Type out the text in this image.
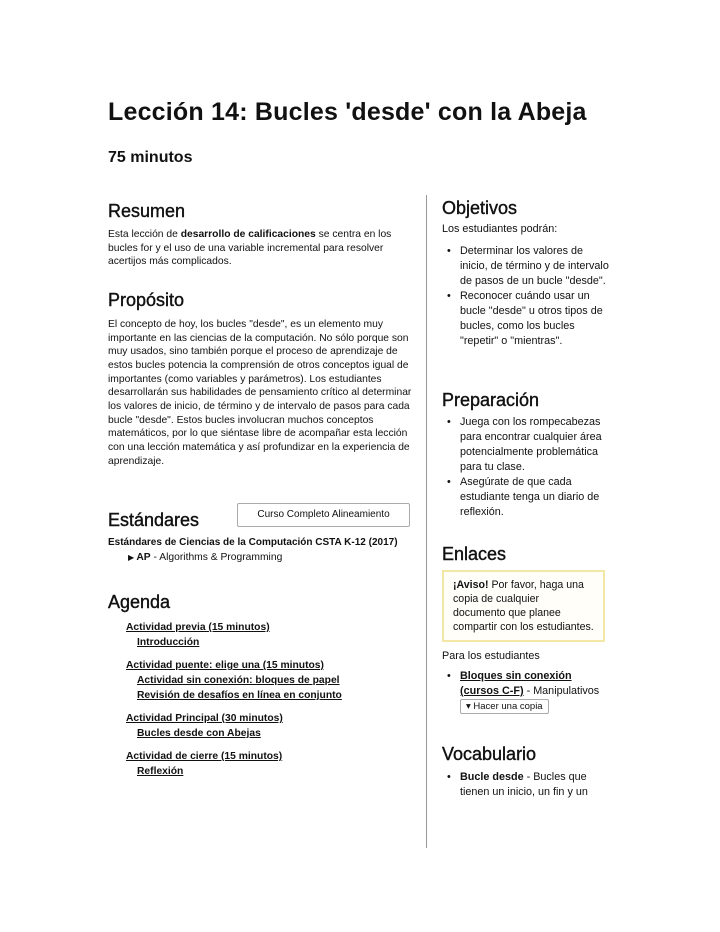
Lección 14: Bucles 'desde' con la Abeja
75 minutos
Resumen

Esta lección de desarrollo de calificaciones se centra en los bucles for y el uso de una variable incremental para resolver acertijos más complicados.

Propósito

El concepto de hoy, los bucles "desde", es un elemento muy importante en las ciencias de la computación. No sólo porque son muy usados, sino también porque el proceso de aprendizaje de estos bucles potencia la comprensión de otros conceptos igual de importantes (como variables y parámetros). Los estudiantes desarrollarán sus habilidades de pensamiento crítico al determinar los valores de inicio, de término y de intervalo de pasos para cada bucle "desde". Estos bucles involucran muchos conceptos matemáticos, por lo que siéntase libre de acompañar esta lección con una lección matemática y así profundizar en la experiencia de aprendizaje.

Estándares	Curso Completo Alineamiento
Estándares de Ciencias de la Computación CSTA K-12 (2017)
▶ AP - Algorithms & Programming
Agenda
Actividad previa (15 minutos)
Introducción
Actividad puente: elige una (15 minutos)
Actividad sin conexión: bloques de papel
Revisión de desafíos en línea en conjunto
Actividad Principal (30 minutos)
Bucles desde con Abejas
Actividad de cierre (15 minutos)
Reflexión
Objetivos

Los estudiantes podrán:

• Determinar los valores de inicio, de término y de intervalo de pasos de un bucle "desde".
• Reconocer cuándo usar un bucle "desde" u otros tipos de bucles, como los bucles "repetir" o "mientras".
Preparación
• Juega con los rompecabezas para encontrar cualquier área potencialmente problemática para tu clase.
• Asegúrate de que cada estudiante tenga un diario de reflexión.
Enlaces
¡Aviso! Por favor, haga una copia de cualquier documento que planee compartir con los estudiantes.

Para los estudiantes

• Bloques sin conexión (cursos C-F) - Manipulativos
▾ Hacer una copia
Vocabulario
• Bucle desde - Bucles que tienen un inicio, un fin y un
